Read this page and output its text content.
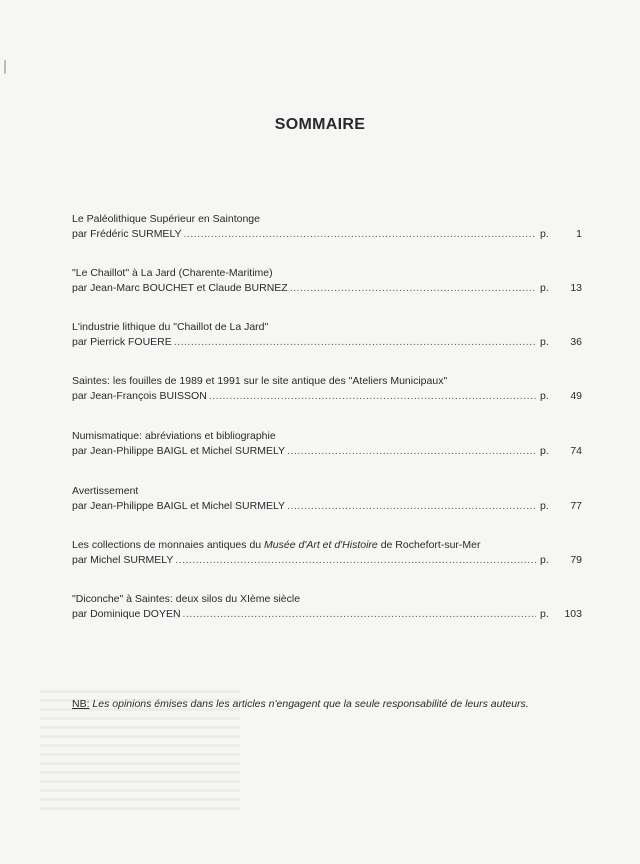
SOMMAIRE
Le Paléolithique Supérieur en Saintonge
par Frédéric SURMELY .....	p.	1
"Le Chaillot" à La Jard (Charente-Maritime)
par Jean-Marc BOUCHET et Claude BURNEZ .....	p.	13
L'industrie lithique du "Chaillot de La Jard"
par Pierrick FOUERE .....	p.	36
Saintes: les fouilles de 1989 et 1991 sur le site antique des "Ateliers Municipaux"
par Jean-François BUISSON .....	p.	49
Numismatique: abréviations et bibliographie
par Jean-Philippe BAIGL et Michel SURMELY .....	p.	74
Avertissement
par Jean-Philippe BAIGL et Michel SURMELY .....	p.	77
Les collections de monnaies antiques du Musée d'Art et d'Histoire de Rochefort-sur-Mer
par Michel SURMELY .....	p.	79
"Diconche" à Saintes: deux silos du XIème siècle
par Dominique DOYEN .....	p.	103
NB: Les opinions émises dans les articles n'engagent que la seule responsabilité de leurs auteurs.
